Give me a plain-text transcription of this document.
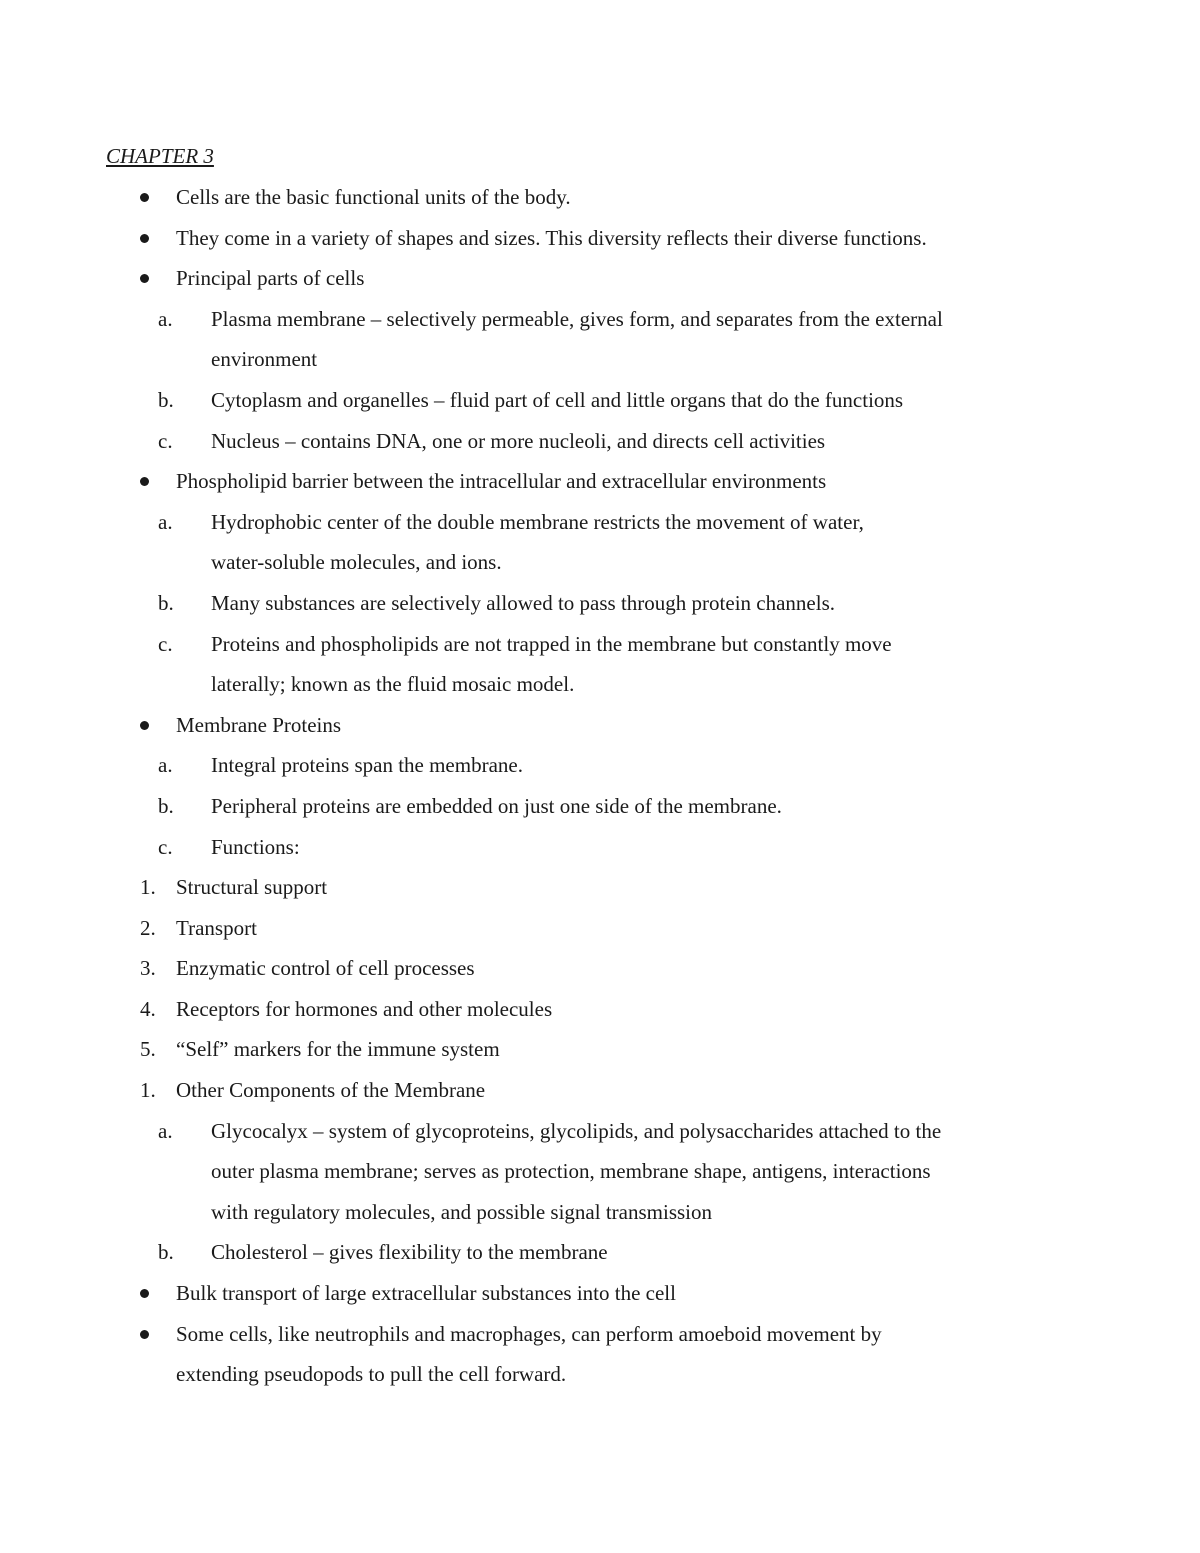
CHAPTER 3
Cells are the basic functional units of the body.
They come in a variety of shapes and sizes. This diversity reflects their diverse functions.
Principal parts of cells
a. Plasma membrane – selectively permeable, gives form, and separates from the external
environment
b. Cytoplasm and organelles – fluid part of cell and little organs that do the functions
c. Nucleus – contains DNA, one or more nucleoli, and directs cell activities
Phospholipid barrier between the intracellular and extracellular environments
a. Hydrophobic center of the double membrane restricts the movement of water,
water-soluble molecules, and ions.
b. Many substances are selectively allowed to pass through protein channels.
c. Proteins and phospholipids are not trapped in the membrane but constantly move
laterally; known as the fluid mosaic model.
Membrane Proteins
a. Integral proteins span the membrane.
b. Peripheral proteins are embedded on just one side of the membrane.
c. Functions:
1. Structural support
2. Transport
3. Enzymatic control of cell processes
4. Receptors for hormones and other molecules
5. “Self” markers for the immune system
1. Other Components of the Membrane
a. Glycocalyx – system of glycoproteins, glycolipids, and polysaccharides attached to the
outer plasma membrane; serves as protection, membrane shape, antigens, interactions
with regulatory molecules, and possible signal transmission
b. Cholesterol – gives flexibility to the membrane
Bulk transport of large extracellular substances into the cell
Some cells, like neutrophils and macrophages, can perform amoeboid movement by
extending pseudopods to pull the cell forward.
